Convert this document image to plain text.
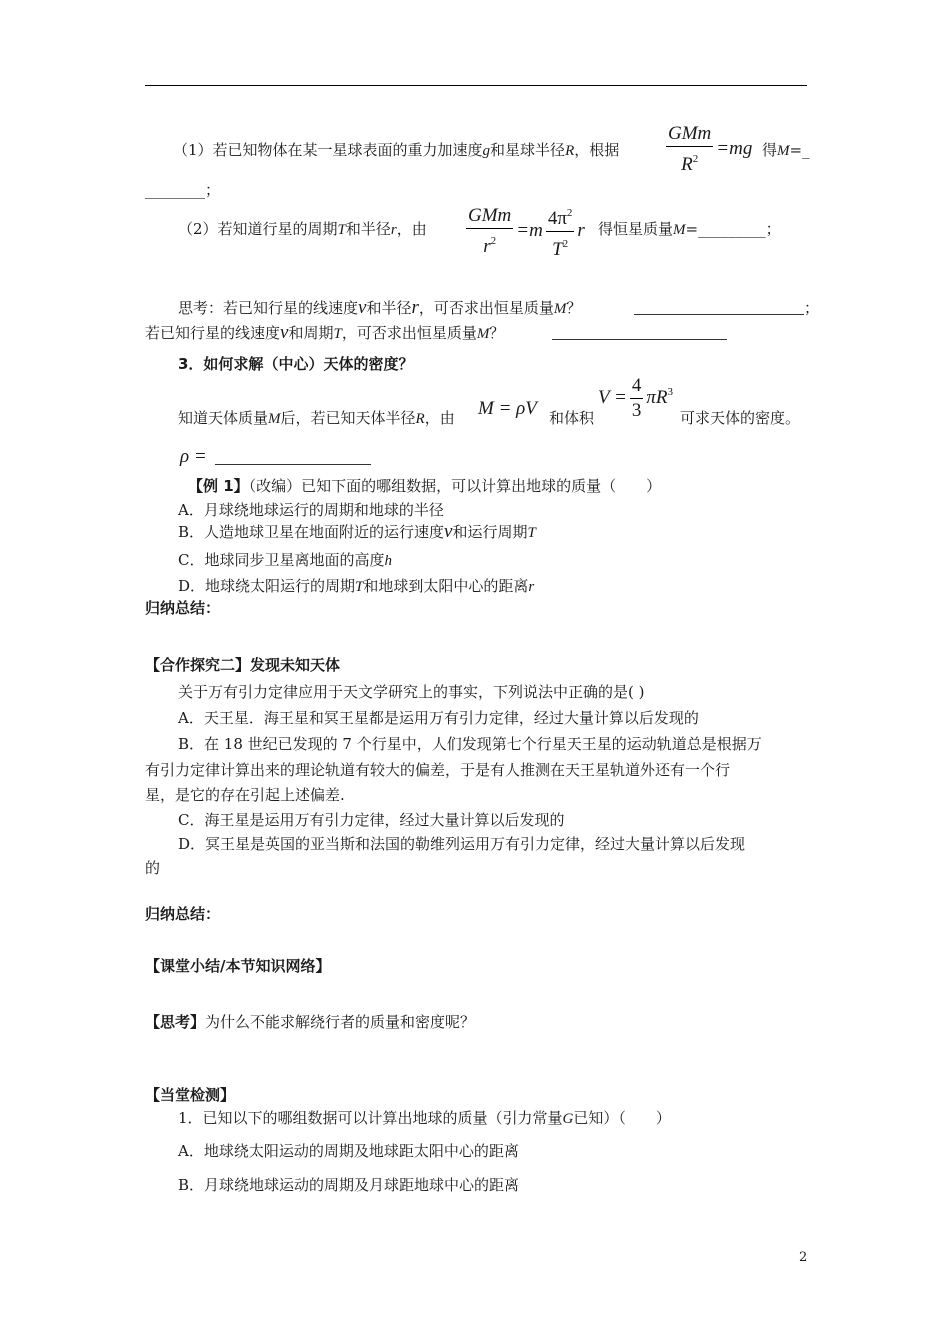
（1）若已知物体在某一星球表面的重力加速度g和星球半径R，根据 $\frac{\text{GMm}}{R^2} =mg$ 得M=_
________；
（2）若知道行星的周期T和半径r，由 $\frac{\text{GMm}}{r^2} =m \frac{4\pi^2}{T^2}$ r 得恒星质量M=_________；
思考：若已知行星的线速度v和半径r，可否求出恒星质量M？	；
若已知行星的线速度v和周期T，可否求出恒星质量M？
3．如何求解（中心）天体的密度？
知道天体质量M后，若已知天体半径R，由 M = ρV 和体积
$V = \frac{4}{3} \pi R^3$
可求天体的密度。
ρ =
【例 1】（改编）已知下面的哪组数据，可以计算出地球的质量（　　）
A．月球绕地球运行的周期和地球的半径
B．人造地球卫星在地面附近的运行速度v和运行周期T
C．地球同步卫星离地面的高度h
D．地球绕太阳运行的周期T和地球到太阳中心的距离r
归纳总结：
【合作探究二】发现未知天体
关于万有引力定律应用于天文学研究上的事实，下列说法中正确的是( )
A．天王星．海王星和冥王星都是运用万有引力定律，经过大量计算以后发现的
B．在 18 世纪已发现的 7 个行星中，人们发现第七个行星天王星的运动轨道总是根据万
有引力定律计算出来的理论轨道有较大的偏差，于是有人推测在天王星轨道外还有一个行
星，是它的存在引起上述偏差.
C．海王星是运用万有引力定律，经过大量计算以后发现的
D．冥王星是英国的亚当斯和法国的勒维列运用万有引力定律，经过大量计算以后发现
的
归纳总结：
【课堂小结/本节知识网络】
【思考】为什么不能求解绕行者的质量和密度呢？
【当堂检测】
1．已知以下的哪组数据可以计算出地球的质量（引力常量G已知）（　　）
A．地球绕太阳运动的周期及地球距太阳中心的距离
B．月球绕地球运动的周期及月球距地球中心的距离
2
